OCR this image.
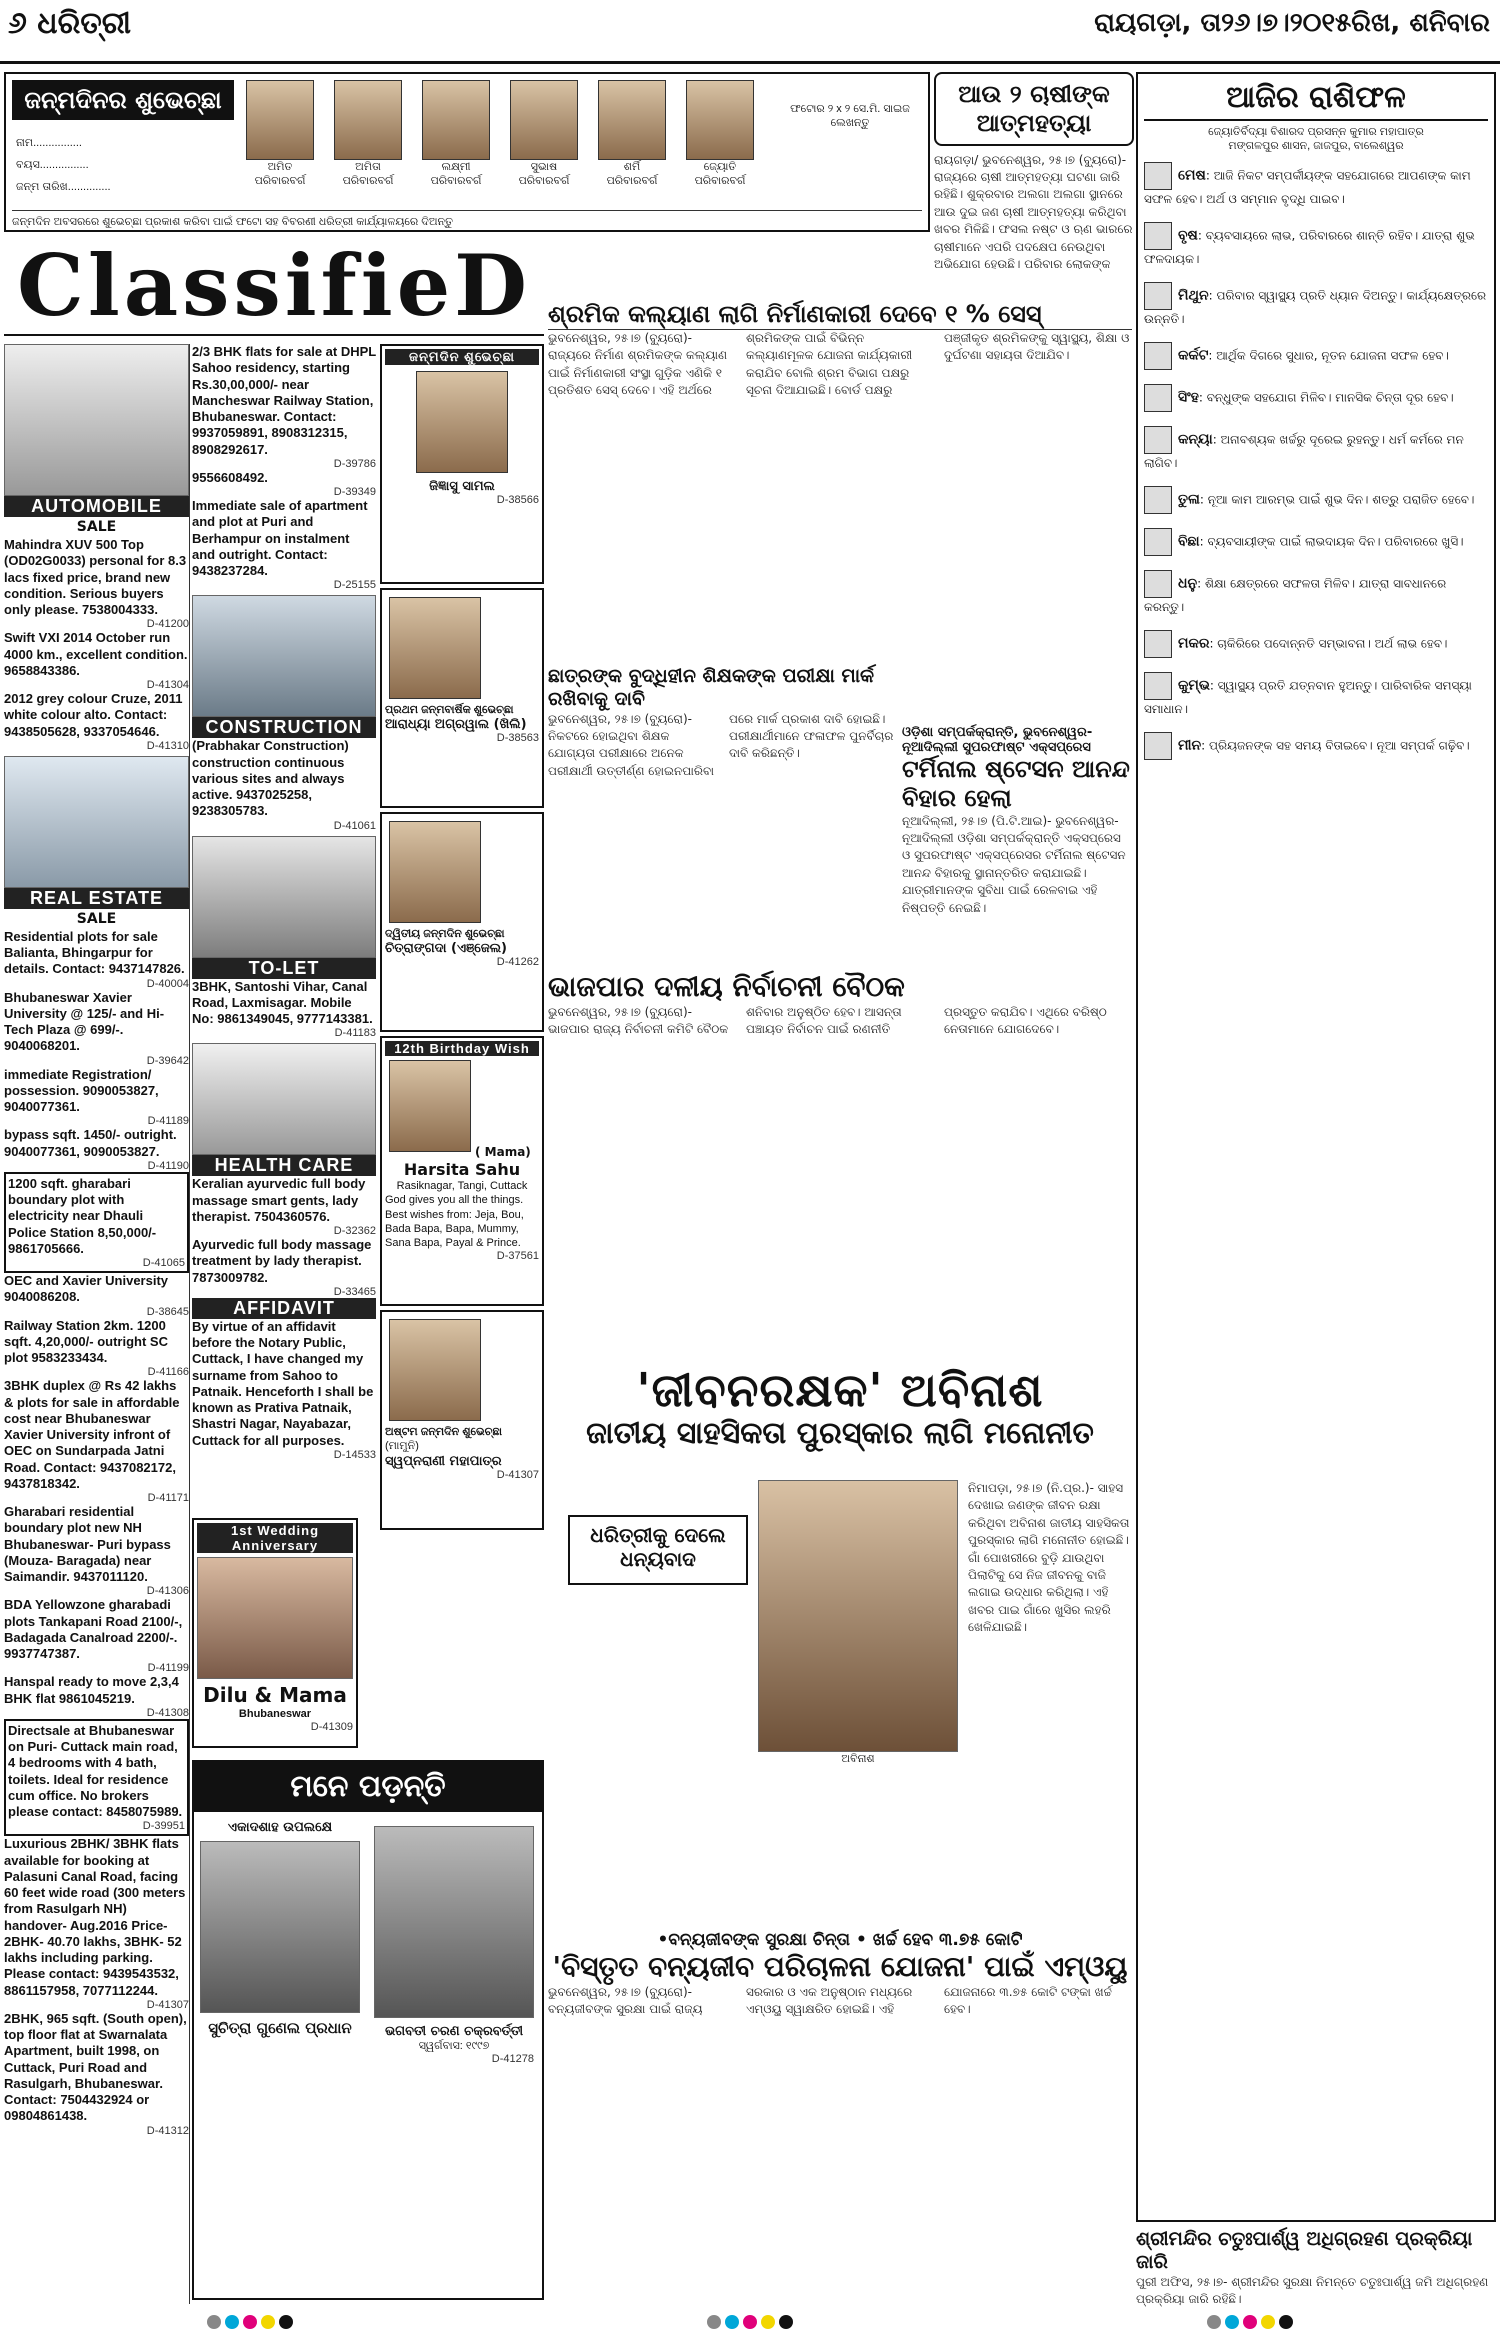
୬ ଧରିତ୍ରୀ	ରାୟଗଡ଼ା, ତା୨୬।୭।୨୦୧୫ରିଖ, ଶନିବାର
ଜନ୍ମଦିନର ଶୁଭେଚ୍ଛା
ନାମ................
ବୟସ................
ଜନ୍ମ ତାରିଖ..............
ଅମିତ
ପରିବାରବର୍ଗ
ଅମିତା
ପରିବାରବର୍ଗ
ଲକ୍ଷ୍ମୀ
ପରିବାରବର୍ଗ
ସୁଭାଷ
ପରିବାରବର୍ଗ
ଶର୍ମି
ପରିବାରବର୍ଗ
ଜ୍ୟୋତି
ପରିବାରବର୍ଗ
ଫଟୋର ୨ x ୨ ସେ.ମି. ସାଇଜ ଲେଖନ୍ତୁ
ଜନ୍ମଦିନ ଅବସରରେ ଶୁଭେଚ୍ଛା ପ୍ରକାଶ କରିବା ପାଇଁ ଫଟୋ ସହ ବିବରଣୀ ଧରିତ୍ରୀ କାର୍ଯ୍ୟାଳୟରେ ଦିଅନ୍ତୁ
ଆଉ ୨ ଚାଷୀଙ୍କ ଆତ୍ମହତ୍ୟା
ରାୟଗଡ଼ା/ ଭୁବନେଶ୍ୱର, ୨୫।୭ (ବ୍ୟୁରୋ)- ରାଜ୍ୟରେ ଚାଷୀ ଆତ୍ମହତ୍ୟା ଘଟଣା ଜାରି ରହିଛି। ଶୁକ୍ରବାର ଅଲଗା ଅଲଗା ସ୍ଥାନରେ ଆଉ ଦୁଇ ଜଣ ଚାଷୀ ଆତ୍ମହତ୍ୟା କରିଥିବା ଖବର ମିଳିଛି। ଫସଲ ନଷ୍ଟ ଓ ଋଣ ଭାରରେ ଚାଷୀମାନେ ଏପରି ପଦକ୍ଷେପ ନେଉଥିବା ଅଭିଯୋଗ ହେଉଛି। ପରିବାର ଲୋକଙ୍କ
ଆଜିର ରାଶିଫଳ
ଜ୍ୟୋତିର୍ବିଦ୍ୟା ବିଶାରଦ ପ୍ରସନ୍ନ କୁମାର ମହାପାତ୍ର
ମଙ୍ଗଳପୁର ଶାସନ, ଜାଜପୁର, ବାଲେଶ୍ୱର
ମେଷ: ଆଜି ନିକଟ ସମ୍ପର୍କୀୟଙ୍କ ସହଯୋଗରେ ଆପଣଙ୍କ କାମ ସଫଳ ହେବ। ଅର୍ଥ ଓ ସମ୍ମାନ ବୃଦ୍ଧି ପାଇବ।
ବୃଷ: ବ୍ୟବସାୟରେ ଲାଭ, ପରିବାରରେ ଶାନ୍ତି ରହିବ। ଯାତ୍ରା ଶୁଭ ଫଳଦାୟକ।
ମିଥୁନ: ପରିବାର ସ୍ୱାସ୍ଥ୍ୟ ପ୍ରତି ଧ୍ୟାନ ଦିଅନ୍ତୁ। କାର୍ଯ୍ୟକ୍ଷେତ୍ରରେ ଉନ୍ନତି।
କର୍କଟ: ଆର୍ଥିକ ଦିଗରେ ସୁଧାର, ନୂତନ ଯୋଜନା ସଫଳ ହେବ।
ସିଂହ: ବନ୍ଧୁଙ୍କ ସହଯୋଗ ମିଳିବ। ମାନସିକ ଚିନ୍ତା ଦୂର ହେବ।
କନ୍ୟା: ଅନାବଶ୍ୟକ ଖର୍ଚ୍ଚରୁ ଦୂରେଇ ରୁହନ୍ତୁ। ଧର୍ମ କର୍ମରେ ମନ ଲାଗିବ।
ତୁଳା: ନୂଆ କାମ ଆରମ୍ଭ ପାଇଁ ଶୁଭ ଦିନ। ଶତ୍ରୁ ପରାଜିତ ହେବେ।
ବିଛା: ବ୍ୟବସାୟୀଙ୍କ ପାଇଁ ଲାଭଦାୟକ ଦିନ। ପରିବାରରେ ଖୁସି।
ଧନୁ: ଶିକ୍ଷା କ୍ଷେତ୍ରରେ ସଫଳତା ମିଳିବ। ଯାତ୍ରା ସାବଧାନରେ କରନ୍ତୁ।
ମକର: ଚାକିରିରେ ପଦୋନ୍ନତି ସମ୍ଭାବନା। ଅର୍ଥ ଲାଭ ହେବ।
କୁମ୍ଭ: ସ୍ୱାସ୍ଥ୍ୟ ପ୍ରତି ଯତ୍ନବାନ ହୁଅନ୍ତୁ। ପାରିବାରିକ ସମସ୍ୟା ସମାଧାନ।
ମୀନ: ପ୍ରିୟଜନଙ୍କ ସହ ସମୟ ବିତାଇବେ। ନୂଆ ସମ୍ପର୍କ ଗଢ଼ିବ।
ClassifieD
AUTOMOBILE
SALE
Mahindra XUV 500 Top (OD02G0033) personal for 8.3 lacs fixed price, brand new condition. Serious buyers only please. 7538004333.
D-41200
Swift VXI 2014 October run 4000 km., excellent condition. 9658843386.
D-41304
2012 grey colour Cruze, 2011 white colour alto. Contact: 9438505628, 9337054646.
D-41310
REAL ESTATE
SALE
Residential plots for sale Balianta, Bhingarpur for details. Contact: 9437147826.
D-40004
Bhubaneswar Xavier University @ 125/- and Hi-Tech Plaza @ 699/-. 9040068201.
D-39642
immediate Registration/ possession. 9090053827, 9040077361.
D-41189
bypass sqft. 1450/- outright. 9040077361, 9090053827.
D-41190
1200 sqft. gharabari boundary plot with electricity near Dhauli Police Station 8,50,000/- 9861705666.
D-41065
OEC and Xavier University 9040086208.
D-38645
Railway Station 2km. 1200 sqft. 4,20,000/- outright SC plot 9583233434.
D-41166
3BHK duplex @ Rs 42 lakhs & plots for sale in affordable cost near Bhubaneswar Xavier University infront of OEC on Sundarpada Jatni Road. Contact: 9437082172, 9437818342.
D-41171
Gharabari residential boundary plot new NH Bhubaneswar- Puri bypass (Mouza- Baragada) near Saimandir. 9437011120.
D-41306
BDA Yellowzone gharabadi plots Tankapani Road 2100/-, Badagada Canalroad 2200/-. 9937747387.
D-41199
Hanspal ready to move 2,3,4 BHK flat 9861045219.
D-41308
Directsale at Bhubaneswar on Puri- Cuttack main road, 4 bedrooms with 4 bath, toilets. Ideal for residence cum office. No brokers please contact: 8458075989.
D-39951
Luxurious 2BHK/ 3BHK flats available for booking at Palasuni Canal Road, facing 60 feet wide road (300 meters from Rasulgarh NH) handover- Aug.2016 Price- 2BHK- 40.70 lakhs, 3BHK- 52 lakhs including parking. Please contact: 9439543532, 8861157958, 7077112244.
D-41307
2BHK, 965 sqft. (South open), top floor flat at Swarnalata Apartment, built 1998, on Cuttack, Puri Road and Rasulgarh, Bhubaneswar. Contact: 7504432924 or 09804861438.
D-41312
2/3 BHK flats for sale at DHPL Sahoo residency, starting Rs.30,00,000/- near Mancheswar Railway Station, Bhubaneswar. Contact: 9937059891, 8908312315, 8908292617.
D-39786
9556608492.
D-39349
Immediate sale of apartment and plot at Puri and Berhampur on instalment and outright. Contact: 9438237284.
D-25155
CONSTRUCTION
(Prabhakar Construction) construction continuous various sites and always active. 9437025258, 9238305783.
D-41061
TO-LET
3BHK, Santoshi Vihar, Canal Road, Laxmisagar. Mobile No: 9861349045, 9777143381.
D-41183
HEALTH CARE
Keralian ayurvedic full body massage smart gents, lady therapist. 7504360576.
D-32362
Ayurvedic full body massage treatment by lady therapist. 7873009782.
D-33465
AFFIDAVIT
By virtue of an affidavit before the Notary Public, Cuttack, I have changed my surname from Sahoo to Patnaik. Henceforth I shall be known as Prativa Patnaik, Shastri Nagar, Nayabazar, Cuttack for all purposes.
D-14533
ଜନ୍ମଦିନ ଶୁଭେଚ୍ଛା
ଜିଜ୍ଞାସୁ ସାମଲ
D-38566
ପ୍ରଥମ ଜନ୍ମବାର୍ଷିକ ଶୁଭେଚ୍ଛା
ଆରାଧ୍ୟା ଅଗ୍ରୱାଲ (ଖିଲି)
D-38563
ଦ୍ୱିତୀୟ ଜନ୍ମଦିନ ଶୁଭେଚ୍ଛା
ଚିତ୍ରାଙ୍ଗଦା (ଏଞ୍ଜେଲ)
D-41262
12th Birthday Wish
( Mama)
Harsita Sahu
Rasiknagar, Tangi, Cuttack
God gives you all the things. Best wishes from: Jeja, Bou, Bada Bapa, Bapa, Mummy, Sana Bapa, Payal & Prince.
D-37561
ଅଷ୍ଟମ ଜନ୍ମଦିନ ଶୁଭେଚ୍ଛା
(ମାମୁନି)
ସ୍ୱପ୍ନରାଣୀ ମହାପାତ୍ର
D-41307
1st Wedding Anniversary
Dilu & Mama
Bhubaneswar
D-41309
ମନେ ପଡ଼ନ୍ତି
ଏକାଦଶାହ ଉପଲକ୍ଷେ
ସୁଚିତ୍ରା ଗୁଣେଲ ପ୍ରଧାନ	ଭଗବତୀ ଚରଣ ଚକ୍ରବର୍ତ୍ତୀ
ସ୍ୱର୍ଗବାସ: ୧୯୯୭
D-41278
ଶ୍ରମିକ କଲ୍ୟାଣ ଲାଗି ନିର୍ମାଣକାରୀ ଦେବେ ୧ % ସେସ୍
ଭୁବନେଶ୍ୱର, ୨୫।୭ (ବ୍ୟୁରୋ)- ରାଜ୍ୟରେ ନିର୍ମାଣ ଶ୍ରମିକଙ୍କ କଲ୍ୟାଣ ପାଇଁ ନିର୍ମାଣକାରୀ ସଂସ୍ଥା ଗୁଡ଼ିକ ଏଣିକି ୧ ପ୍ରତିଶତ ସେସ୍ ଦେବେ। ଏହି ଅର୍ଥରେ ଶ୍ରମିକଙ୍କ ପାଇଁ ବିଭିନ୍ନ କଲ୍ୟାଣମୂଳକ ଯୋଜନା କାର୍ଯ୍ୟକାରୀ କରାଯିବ ବୋଲି ଶ୍ରମ ବିଭାଗ ପକ୍ଷରୁ ସୂଚନା ଦିଆଯାଇଛି। ବୋର୍ଡ ପକ୍ଷରୁ ପଞ୍ଜୀକୃତ ଶ୍ରମିକଙ୍କୁ ସ୍ୱାସ୍ଥ୍ୟ, ଶିକ୍ଷା ଓ ଦୁର୍ଘଟଣା ସହାୟତା ଦିଆଯିବ।
ଛାତ୍ରଙ୍କ ବୁଦ୍ଧିହୀନ ଶିକ୍ଷକଙ୍କ ପରୀକ୍ଷା ମାର୍କ ରଖିବାକୁ ଦାବି
ଭୁବନେଶ୍ୱର, ୨୫।୭ (ବ୍ୟୁରୋ)- ନିକଟରେ ହୋଇଥିବା ଶିକ୍ଷକ ଯୋଗ୍ୟତା ପରୀକ୍ଷାରେ ଅନେକ ପରୀକ୍ଷାର୍ଥୀ ଉତ୍ତୀର୍ଣ୍ଣ ହୋଇନପାରିବା ପରେ ମାର୍କ ପ୍ରକାଶ ଦାବି ହୋଇଛି। ପରୀକ୍ଷାର୍ଥୀମାନେ ଫଳାଫଳ ପୁନର୍ବିଚାର ଦାବି କରିଛନ୍ତି।
ଓଡ଼ିଶା ସମ୍ପର୍କକ୍ରାନ୍ତି, ଭୁବନେଶ୍ୱର-ନୂଆଦିଲ୍ଲୀ ସୁପରଫାଷ୍ଟ ଏକ୍ସପ୍ରେସ
ଟର୍ମିନାଲ ଷ୍ଟେସନ ଆନନ୍ଦ ବିହାର ହେଲା
ନୂଆଦିଲ୍ଲୀ, ୨୫।୭ (ପି.ଟି.ଆଇ)- ଭୁବନେଶ୍ୱର-ନୂଆଦିଲ୍ଲୀ ଓଡ଼ିଶା ସମ୍ପର୍କକ୍ରାନ୍ତି ଏକ୍ସପ୍ରେସ ଓ ସୁପରଫାଷ୍ଟ ଏକ୍ସପ୍ରେସର ଟର୍ମିନାଲ ଷ୍ଟେସନ ଆନନ୍ଦ ବିହାରକୁ ସ୍ଥାନାନ୍ତରିତ କରାଯାଇଛି। ଯାତ୍ରୀମାନଙ୍କ ସୁବିଧା ପାଇଁ ରେଳବାଇ ଏହି ନିଷ୍ପତ୍ତି ନେଇଛି।
ଭାଜପାର ଦଳୀୟ ନିର୍ବାଚନୀ ବୈଠକ
ଭୁବନେଶ୍ୱର, ୨୫।୭ (ବ୍ୟୁରୋ)- ଭାଜପାର ରାଜ୍ୟ ନିର୍ବାଚନୀ କମିଟି ବୈଠକ ଶନିବାର ଅନୁଷ୍ଠିତ ହେବ। ଆସନ୍ତା ପଞ୍ଚାୟତ ନିର୍ବାଚନ ପାଇଁ ରଣନୀତି ପ୍ରସ୍ତୁତ କରାଯିବ। ଏଥିରେ ବରିଷ୍ଠ ନେତାମାନେ ଯୋଗଦେବେ।
'ଜୀବନରକ୍ଷକ' ଅବିନାଶ
ଜାତୀୟ ସାହସିକତା ପୁରସ୍କାର ଲାଗି ମନୋନୀତ
ଧରିତ୍ରୀକୁ ଦେଲେ ଧନ୍ୟବାଦ
ଅବିନାଶ
ନିମାପଡ଼ା, ୨୫।୭ (ନି.ପ୍ର.)- ସାହସ ଦେଖାଇ ଜଣଙ୍କ ଜୀବନ ରକ୍ଷା କରିଥିବା ଅବିନାଶ ଜାତୀୟ ସାହସିକତା ପୁରସ୍କାର ଲାଗି ମନୋନୀତ ହୋଇଛି। ଗାଁ ପୋଖରୀରେ ବୁଡ଼ି ଯାଉଥିବା ପିଲାଟିକୁ ସେ ନିଜ ଜୀବନକୁ ବାଜି ଲଗାଇ ଉଦ୍ଧାର କରିଥିଲା। ଏହି ଖବର ପାଇ ଗାଁରେ ଖୁସିର ଲହରି ଖେଳିଯାଇଛି।
•ବନ୍ୟଜୀବଙ୍କ ସୁରକ୍ଷା ଚିନ୍ତା • ଖର୍ଚ୍ଚ ହେବ ୩.୭୫ କୋଟି
'ବିସ୍ତୃତ ବନ୍ୟଜୀବ ପରିଚାଳନା ଯୋଜନା' ପାଇଁ ଏମ୍‌ଓୟୁ
ଭୁବନେଶ୍ୱର, ୨୫।୭ (ବ୍ୟୁରୋ)- ବନ୍ୟଜୀବଙ୍କ ସୁରକ୍ଷା ପାଇଁ ରାଜ୍ୟ ସରକାର ଓ ଏକ ଅନୁଷ୍ଠାନ ମଧ୍ୟରେ ଏମ୍‌ଓୟୁ ସ୍ୱାକ୍ଷରିତ ହୋଇଛି। ଏହି ଯୋଜନାରେ ୩.୭୫ କୋଟି ଟଙ୍କା ଖର୍ଚ୍ଚ ହେବ।
ଶ୍ରୀମନ୍ଦିର ଚତୁଃପାର୍ଶ୍ୱ ଅଧିଗ୍ରହଣ ପ୍ରକ୍ରିୟା ଜାରି
ପୁରୀ ଅଫିସ, ୨୫।୭- ଶ୍ରୀମନ୍ଦିର ସୁରକ୍ଷା ନିମନ୍ତେ ଚତୁଃପାର୍ଶ୍ୱ ଜମି ଅଧିଗ୍ରହଣ ପ୍ରକ୍ରିୟା ଜାରି ରହିଛି।
